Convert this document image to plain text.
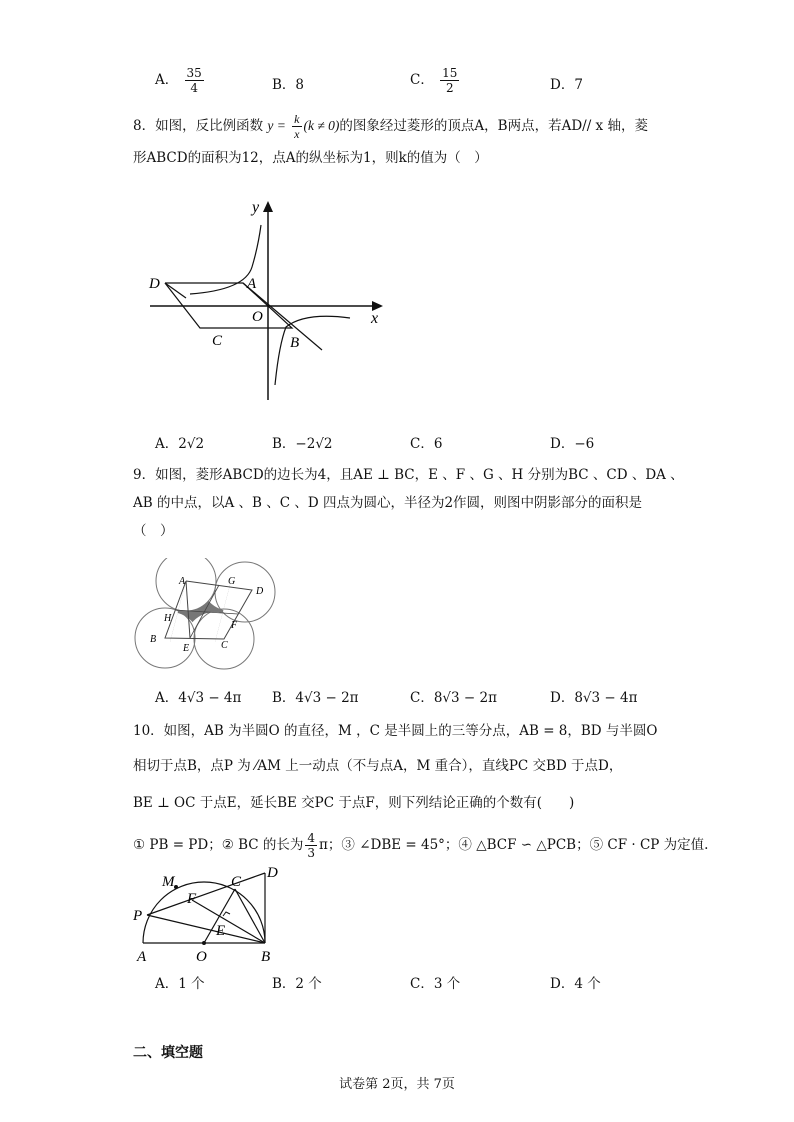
A． $\frac{35}{4}$	B．8	C． $\frac{15}{2}$	D．7
8．如图，反比例函数 $y = \frac{k}{x} (k \ne 0)$的图象经过菱形的顶点A，B两点，若AD// x 轴，菱
形ABCD的面积为12，点A的纵坐标为1，则k的值为（　）
y
x
D	A
O
C	B
A．2√2	B．−2√2	C．6	D．−6
9．如图，菱形ABCD的边长为4，且AE ⊥ BC，E 、F 、G 、H 分别为BC 、CD 、DA 、
AB 的中点，以A 、B 、C 、D 四点为圆心，半径为2作圆，则图中阴影部分的面积是
（　）
A	G
D
H
F
B
E	C
A．4√3 − 4π B．4√3 − 2π	C．8√3 − 2π	D．8√3 − 4π
10．如图，AB 为半圆O 的直径，M ，C 是半圆上的三等分点，AB = 8，BD 与半圆O
相切于点B，点P 为 ⁄AM 上一动点（不与点A，M 重合），直线PC 交BD 于点D，
BE ⊥ OC 于点E，延长BE 交PC 于点F，则下列结论正确的个数有(　　)
① PB = PD；② BC 的长为 $\frac{4}{3}$ π；③ ∠DBE = 45°；④ △BCF ∽ △PCB；⑤ CF · CP 为定值.
M	C
D
F
P
E
A	O	B
A．1 个	B．2 个	C．3 个	D．4 个
二、填空题
试卷第 2页，共 7页
